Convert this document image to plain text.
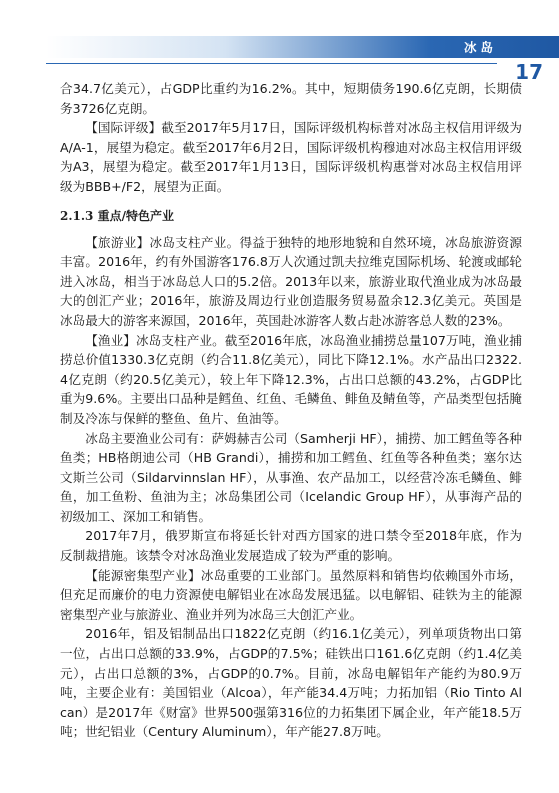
冰岛
17

合34.7亿美元），占GDP比重约为16.2%。其中，短期债务190.6亿克朗，长期债务3726亿克朗。

【国际评级】截至2017年5月17日，国际评级机构标普对冰岛主权信用评级为A/A-1，展望为稳定。截至2017年6月2日，国际评级机构穆迪对冰岛主权信用评级为A3，展望为稳定。截至2017年1月13日，国际评级机构惠誉对冰岛主权信用评级为BBB+/F2，展望为正面。

2.1.3 重点/特色产业

【旅游业】冰岛支柱产业。得益于独特的地形地貌和自然环境，冰岛旅游资源丰富。2016年，约有外国游客176.8万人次通过凯夫拉维克国际机场、轮渡或邮轮进入冰岛，相当于冰岛总人口的5.2倍。2013年以来，旅游业取代渔业成为冰岛最大的创汇产业；2016年，旅游及周边行业创造服务贸易盈余12.3亿美元。英国是冰岛最大的游客来源国，2016年，英国赴冰游客人数占赴冰游客总人数的23%。

【渔业】冰岛支柱产业。截至2016年底，冰岛渔业捕捞总量107万吨，渔业捕捞总价值1330.3亿克朗（约合11.8亿美元），同比下降12.1%。水产品出口2322.4亿克朗（约20.5亿美元），较上年下降12.3%，占出口总额的43.2%，占GDP比重为9.6%。主要出口品种是鳕鱼、红鱼、毛鳞鱼、鲱鱼及鲭鱼等，产品类型包括腌制及冷冻与保鲜的整鱼、鱼片、鱼油等。

冰岛主要渔业公司有：萨姆赫吉公司（Samherji HF），捕捞、加工鳕鱼等各种鱼类；HB格朗迪公司（HB Grandi），捕捞和加工鳕鱼、红鱼等各种鱼类；塞尔达文斯兰公司（Sildarvinnslan HF），从事渔、农产品加工，以经营冷冻毛鳞鱼、鲱鱼，加工鱼粉、鱼油为主；冰岛集团公司（Icelandic Group HF），从事海产品的初级加工、深加工和销售。

2017年7月，俄罗斯宣布将延长针对西方国家的进口禁令至2018年底，作为反制裁措施。该禁令对冰岛渔业发展造成了较为严重的影响。

【能源密集型产业】冰岛重要的工业部门。虽然原料和销售均依赖国外市场，但充足而廉价的电力资源使电解铝业在冰岛发展迅猛。以电解铝、硅铁为主的能源密集型产业与旅游业、渔业并列为冰岛三大创汇产业。

2016年，铝及铝制品出口1822亿克朗（约16.1亿美元），列单项货物出口第一位，占出口总额的33.9%，占GDP的7.5%；硅铁出口161.6亿克朗（约1.4亿美元），占出口总额的3%，占GDP的0.7%。目前，冰岛电解铝年产能约为80.9万吨，主要企业有：美国铝业（Alcoa），年产能34.4万吨；力拓加铝（Rio Tinto Alcan）是2017年《财富》世界500强第316位的力拓集团下属企业，年产能18.5万吨；世纪铝业（Century Aluminum），年产能27.8万吨。
